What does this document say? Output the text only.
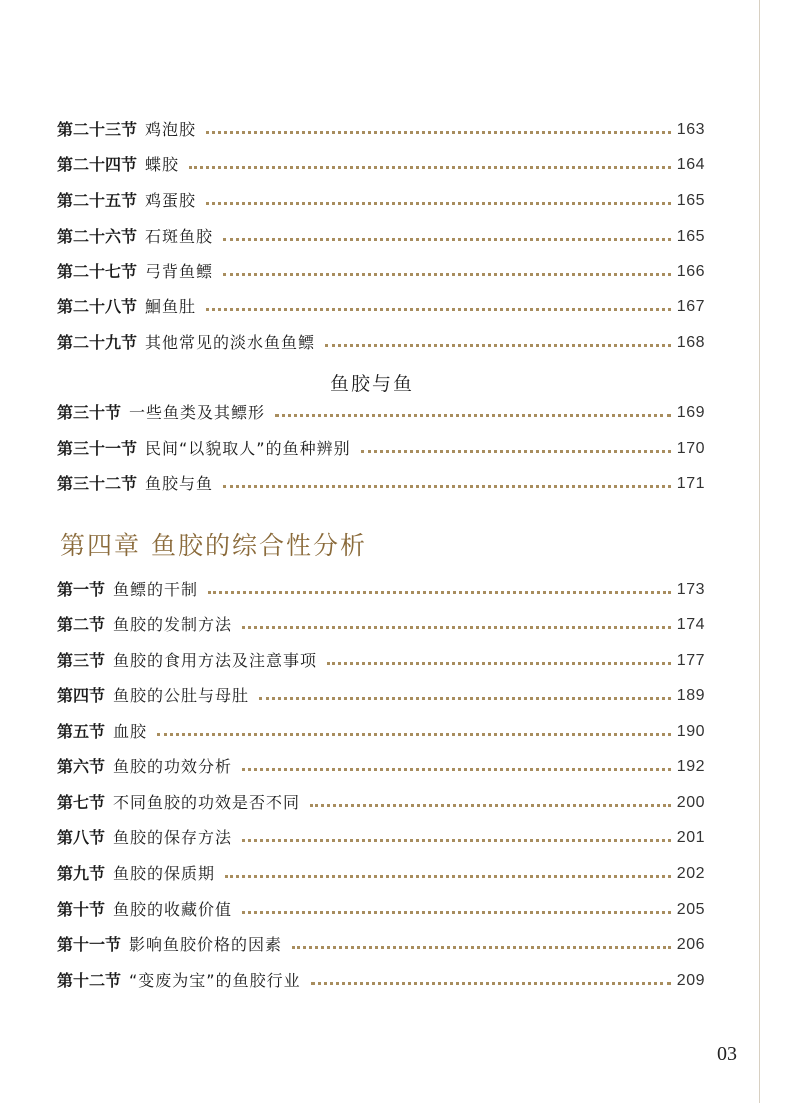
第二十三节 鸡泡胶	163
第二十四节 蝶胶	164
第二十五节 鸡蛋胶	165
第二十六节 石斑鱼胶	165
第二十七节 弓背鱼鳔	166
第二十八节 鮰鱼肚	167
第二十九节 其他常见的淡水鱼鱼鳔	168
鱼胶与鱼
第三十节 一些鱼类及其鳔形	169
第三十一节 民间“以貌取人”的鱼种辨别	170
第三十二节 鱼胶与鱼	171
第四章 鱼胶的综合性分析
第一节 鱼鳔的干制	173
第二节 鱼胶的发制方法	174
第三节 鱼胶的食用方法及注意事项	177
第四节 鱼胶的公肚与母肚	189
第五节 血胶	190
第六节 鱼胶的功效分析	192
第七节 不同鱼胶的功效是否不同	200
第八节 鱼胶的保存方法	201
第九节 鱼胶的保质期	202
第十节 鱼胶的收藏价值	205
第十一节 影响鱼胶价格的因素	206
第十二节 “变废为宝”的鱼胶行业	209
03
